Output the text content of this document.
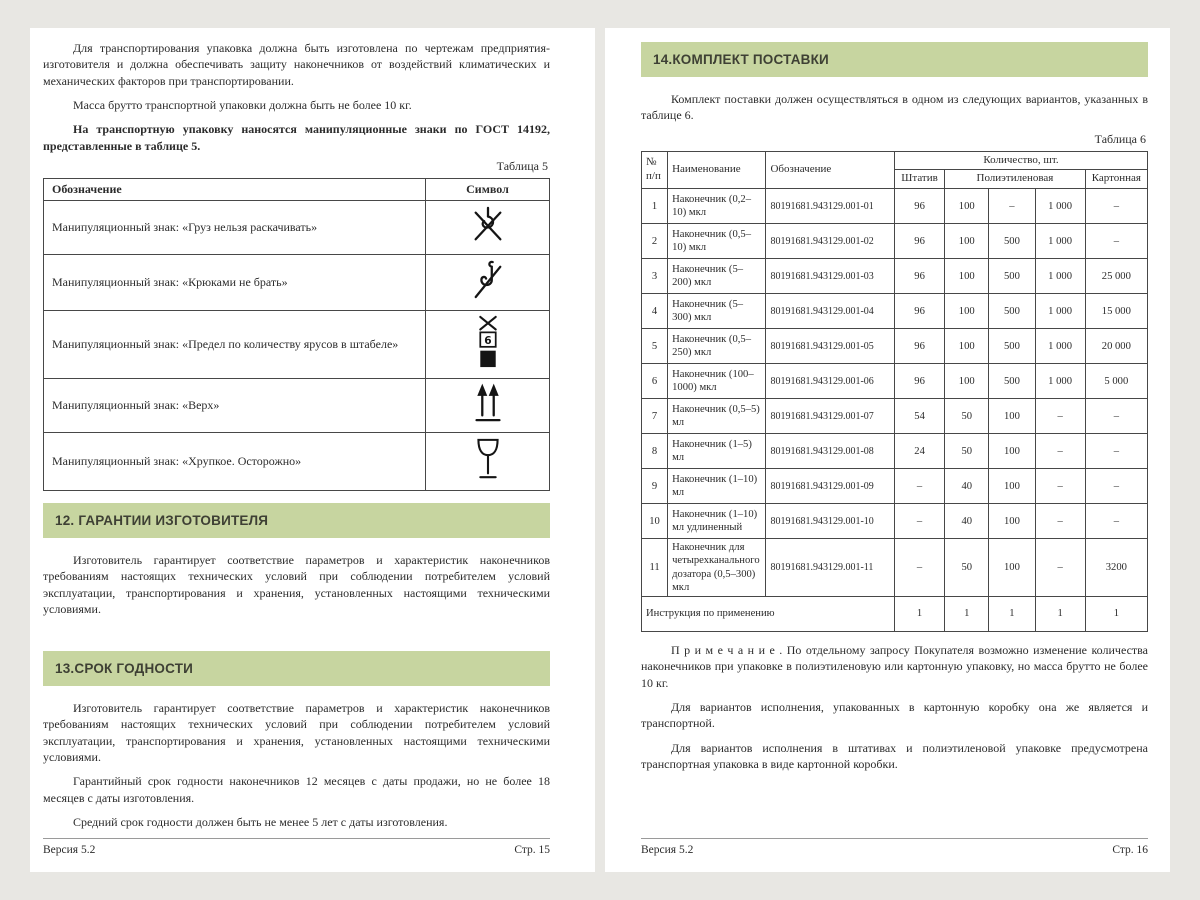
Для транспортирования упаковка должна быть изготовлена по чертежам предприятия-изготовителя и должна обеспечивать защиту наконечников от воздействий климатических и механических факторов при транспортировании.

Масса брутто транспортной упаковки должна быть не более 10 кг.

На транспортную упаковку наносятся манипуляционные знаки по ГОСТ 14192, представленные в таблице 5.

Таблица 5
Обозначение	Символ
Манипуляционный знак: «Груз нельзя раскачивать»	
Манипуляционный знак: «Крюками не брать»	
Манипуляционный знак: «Предел по количеству ярусов в штабеле»	6

Манипуляционный знак: «Верх»	
Манипуляционный знак: «Хрупкое. Осторожно»	
12. ГАРАНТИИ ИЗГОТОВИТЕЛЯ

Изготовитель гарантирует соответствие параметров и характеристик наконечников требованиям настоящих технических условий при соблюдении потребителем условий эксплуатации, транспортирования и хранения, установленных настоящими техническими условиями.

13.СРОК ГОДНОСТИ

Изготовитель гарантирует соответствие параметров и характеристик наконечников требованиям настоящих технических условий при соблюдении потребителем условий эксплуатации, транспортирования и хранения, установленных настоящими техническими условиями.

Гарантийный срок годности наконечников 12 месяцев с даты продажи, но не более 18 месяцев с даты изготовления.

Средний срок годности должен быть не менее 5 лет с даты изготовления.

Версия 5.2	Стр. 15
14.КОМПЛЕКТ ПОСТАВКИ

Комплект поставки должен осуществляться в одном из следующих вариантов, указанных в таблице 6.

Таблица 6
№ п/п	Наименование	Обозначение	Количество, шт.				
			Штатив	Полиэтиленовая			Картонная
1	Наконечник (0,2–10) мкл	80191681.943129.001-01	96	100	–	1 000	–
2	Наконечник (0,5–10) мкл	80191681.943129.001-02	96	100	500	1 000	–
3	Наконечник (5–200) мкл	80191681.943129.001-03	96	100	500	1 000	25 000
4	Наконечник (5–300) мкл	80191681.943129.001-04	96	100	500	1 000	15 000
5	Наконечник (0,5–250) мкл	80191681.943129.001-05	96	100	500	1 000	20 000
6	Наконечник (100–1000) мкл	80191681.943129.001-06	96	100	500	1 000	5 000
7	Наконечник (0,5–5) мл	80191681.943129.001-07	54	50	100	–	–
8	Наконечник (1–5) мл	80191681.943129.001-08	24	50	100	–	–
9	Наконечник (1–10) мл	80191681.943129.001-09	–	40	100	–	–
10	Наконечник (1–10) мл удлиненный	80191681.943129.001-10	–	40	100	–	–
11	Наконечник для четырехканального дозатора (0,5–300) мкл	80191681.943129.001-11	–	50	100	–	3200
Инструкция по применению			1	1	1	1	1

П р и м е ч а н и е . По отдельному запросу Покупателя возможно изменение количества наконечников при упаковке в полиэтиленовую или картонную упаковку, но масса брутто не более 10 кг.

Для вариантов исполнения, упакованных в картонную коробку она же является и транспортной.

Для вариантов исполнения в штативах и полиэтиленовой упаковке предусмотрена транспортная упаковка в виде картонной коробки.

Версия 5.2	Стр. 16
